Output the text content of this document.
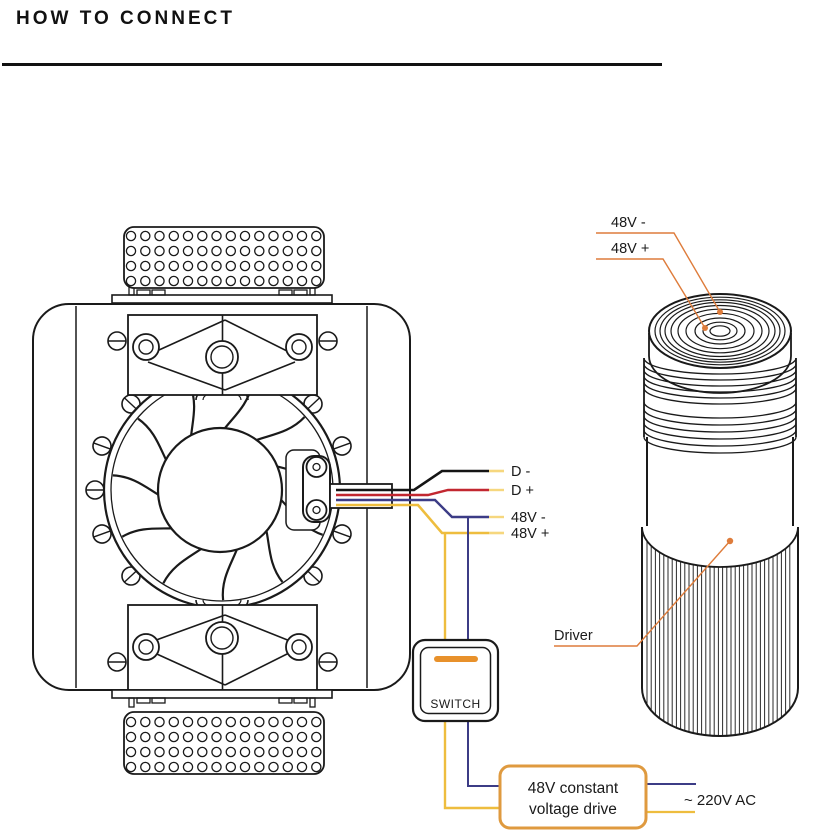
HOW TO CONNECT
D -
D +
48V -
48V +
SWITCH
48V constant
voltage drive
~ 220V AC
48V -
48V +
Driver
